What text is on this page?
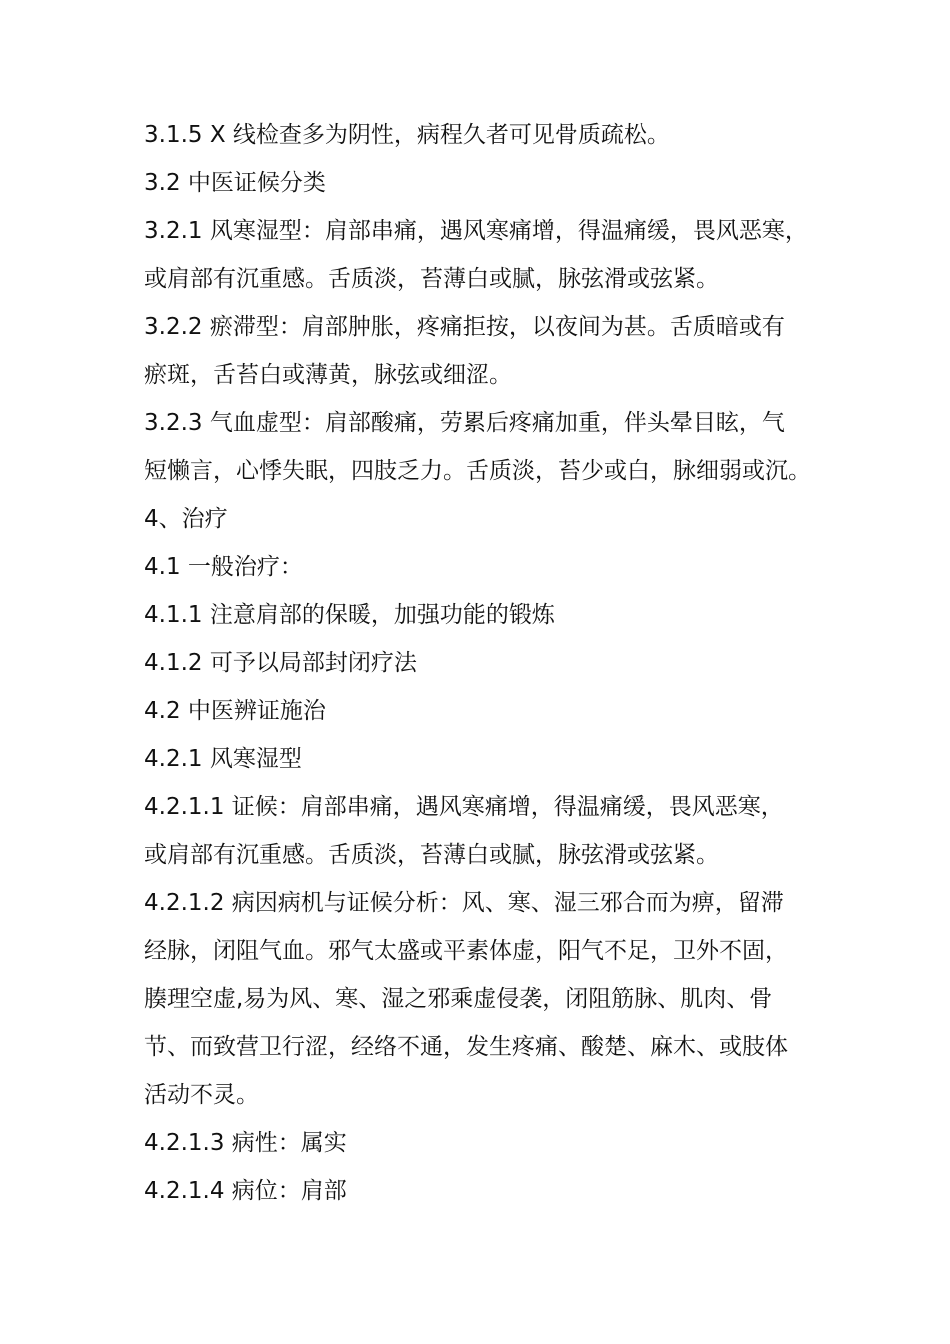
3.1.5 X 线检查多为阴性，病程久者可见骨质疏松。
3.2 中医证候分类
3.2.1 风寒湿型：肩部串痛，遇风寒痛增，得温痛缓，畏风恶寒，
或肩部有沉重感。舌质淡，苔薄白或腻，脉弦滑或弦紧。
3.2.2 瘀滞型：肩部肿胀，疼痛拒按，以夜间为甚。舌质暗或有
瘀斑，舌苔白或薄黄，脉弦或细涩。
3.2.3 气血虚型：肩部酸痛，劳累后疼痛加重，伴头晕目眩，气
短懒言，心悸失眠，四肢乏力。舌质淡，苔少或白，脉细弱或沉。
4、治疗
4.1 一般治疗：
4.1.1 注意肩部的保暖，加强功能的锻炼
4.1.2 可予以局部封闭疗法
4.2 中医辨证施治
4.2.1 风寒湿型
4.2.1.1 证候：肩部串痛，遇风寒痛增，得温痛缓，畏风恶寒，
或肩部有沉重感。舌质淡，苔薄白或腻，脉弦滑或弦紧。
4.2.1.2 病因病机与证候分析：风、寒、湿三邪合而为痹，留滞
经脉，闭阻气血。邪气太盛或平素体虚，阳气不足，卫外不固，
腠理空虚,易为风、寒、湿之邪乘虚侵袭，闭阻筋脉、肌肉、骨
节、而致营卫行涩，经络不通，发生疼痛、酸楚、麻木、或肢体
活动不灵。
4.2.1.3 病性：属实
4.2.1.4 病位：肩部
